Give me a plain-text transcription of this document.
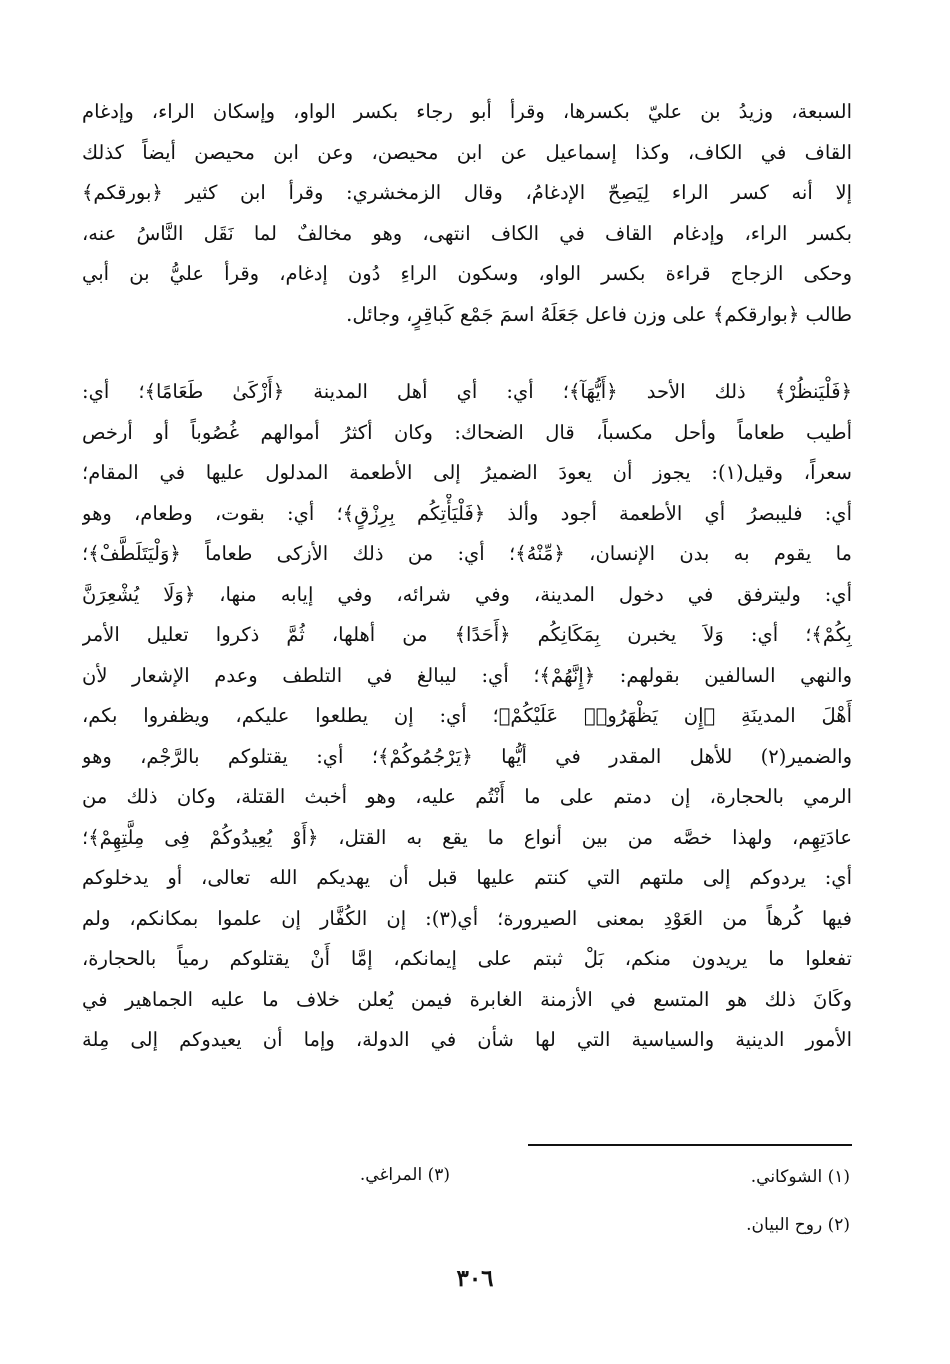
السبعة، وزيدُ بن عليّ بكسرها، وقرأ أبو رجاء بكسر الواو، وإسكان الراء، وإدغام
القاف في الكاف، وكذا إسماعيل عن ابن محيصن، وعن ابن محيصن أيضاً كذلك
إلا أنه كسر الراء لِيَصِحّ الإدغامُ، وقال الزمخشري: وقرأ ابن كثير ﴿بورقكم﴾
بكسر الراء، وإدغام القاف في الكاف انتهى، وهو مخالفٌ لما نَقَل النَّاسُ عنه،
وحكى الزجاج قراءة بكسر الواو، وسكون الراءِ دُون إدغام، وقرأ عليُّ بن أبي
طالب ﴿بوارقكم﴾ على وزن فاعل جَعَلَهُ اسمَ جَمْع كَباقِرٍ، وجائل.
﴿فَلْيَنظُرْ﴾ ذلك الأحد ﴿أَيُّهَآ﴾؛ أي: أي أهل المدينة ﴿أَزْكَىٰ طَعَامًا﴾؛ أي:
أطيب طعاماً وأحل مكسباً، قال الضحاك: وكان أكثرُ أموالهم غُصُوباً أو أرخص
سعراً، وقيل(١): يجوز أن يعودَ الضميرُ إلى الأطعمة المدلول عليها في المقام؛
أي: فليبصرُ أي الأطعمة أجود وألذ ﴿فَلْيَأْتِكُم بِرِزْقٍ﴾؛ أي: بقوت، وطعام، وهو
ما يقوم به بدن الإنسان، ﴿مِّنْهُ﴾؛ أي: من ذلك الأزكى طعاماً ﴿وَلْيَتَلَطَّفْ﴾؛
أي: وليترفق في دخول المدينة، وفي شرائه، وفي إيابه منها، ﴿وَلَا يُشْعِرَنَّ
بِكُمْ﴾؛ أي: وَلاَ يخبرن بِمَكَانِكُم ﴿أَحَدًا﴾ من أهلها، ثُمَّ ذكروا تعليل الأمر
والنهي السالفين بقولهم: ﴿إِنَّهُمْ﴾؛ أي: ليبالغ في التلطف وعدم الإشعار لأن
أَهْلَ المدينَةِ ﴿إِن يَظْهَرُوا۟ عَلَيْكُمْ﴾؛ أي: إن يطلعوا عليكم، ويظفروا بكم،
والضمير(٢) للأهل المقدر في أيُّها ﴿يَرْجُمُوكُمْ﴾؛ أي: يقتلوكم بالرَّجْم، وهو
الرمي بالحجارة، إن دمتم على ما أَنْتُم عليه، وهو أخبث القتلة، وكان ذلك من
عادَتِهِم، ولهذا خصَّه من بين أنواع ما يقع به القتل، ﴿أَوْ يُعِيدُوكُمْ فِى مِلَّتِهِمْ﴾؛
أي: يردوكم إلى ملتهم التي كنتم عليها قبل أن يهديكم الله تعالى، أو يدخلوكم
فيها كُرهاً من العَوْدِ بمعنى الصيرورة؛ أي(٣): إن الكُفَّار إن علموا بمكانكم، ولم
تفعلوا ما يريدون منكم، بَلْ ثبتم على إيمانكم، إمَّا أَنْ يقتلوكم رمياً بالحجارة،
وكَانَ ذلك هو المتسع في الأزمنة الغابرة فيمن يُعلن خلاف ما عليه الجماهير في
الأمور الدينية والسياسية التي لها شأن في الدولة، وإما أن يعيدوكم إلى مِلة
(١) الشوكاني.
(٣) المراغي.
(٢) روح البيان.
٣٠٦
